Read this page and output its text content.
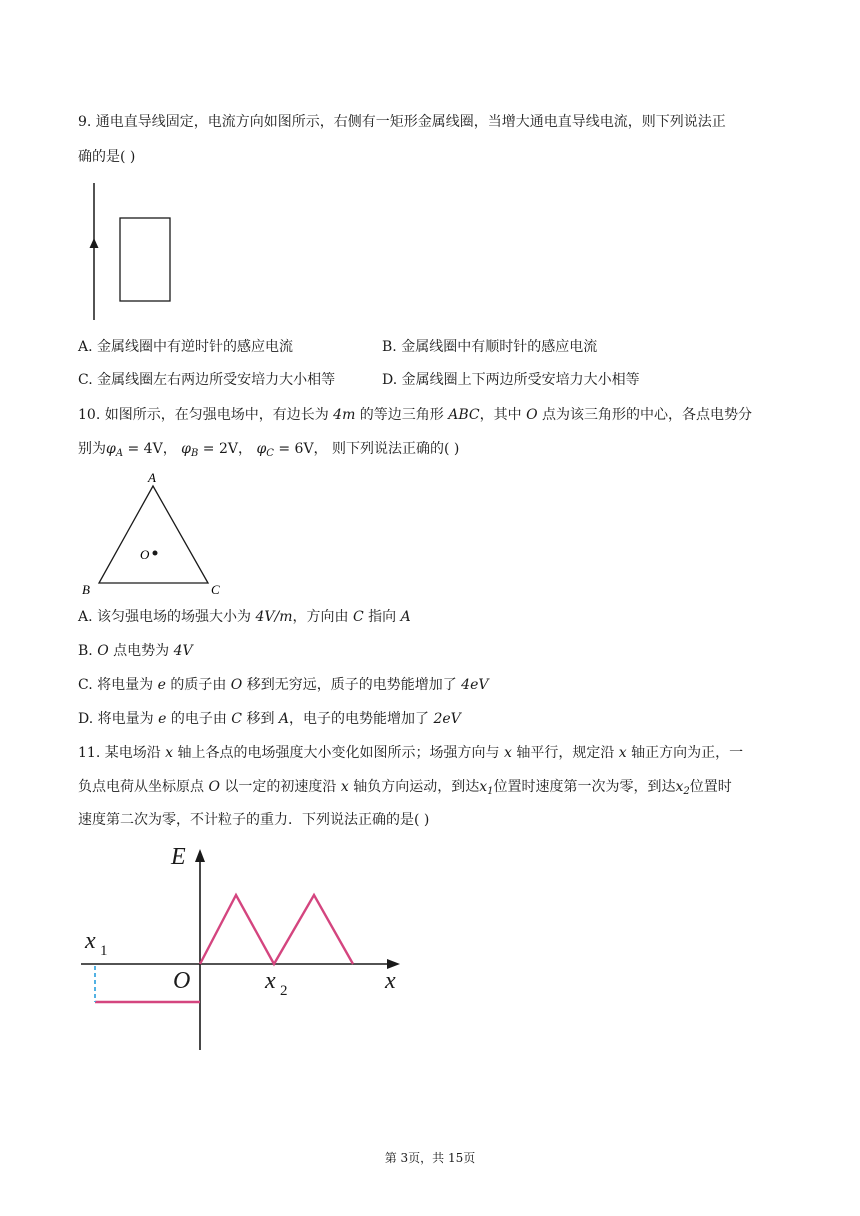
9. 通电直导线固定，电流方向如图所示，右侧有一矩形金属线圈，当增大通电直导线电流，则下列说法正
确的是( )
A. 金属线圈中有逆时针的感应电流	B. 金属线圈中有顺时针的感应电流
C. 金属线圈左右两边所受安培力大小相等	D. 金属线圈上下两边所受安培力大小相等
10. 如图所示，在匀强电场中，有边长为 4m 的等边三角形 ABC，其中 O 点为该三角形的中心，各点电势分
别为$\varphi_A = 4V$， $\varphi_B = 2V$， $\varphi_C = 6V$， 则下列说法正确的( )
A
B	C
O
A. 该匀强电场的场强大小为 4V/m，方向由 C 指向 A
B. O 点电势为 4V
C. 将电量为 e 的质子由 O 移到无穷远，质子的电势能增加了 4eV
D. 将电量为 e 的电子由 C 移到 A，电子的电势能增加了 2eV
11. 某电场沿 x 轴上各点的电场强度大小变化如图所示；场强方向与 x 轴平行，规定沿 x 轴正方向为正，一
负点电荷从坐标原点 O 以一定的初速度沿 x 轴负方向运动，到达$x_1$位置时速度第一次为零，到达$x_2$位置时
速度第二次为零，不计粒子的重力．下列说法正确的是( )
E
x 1
O	x 2	x
第 3页，共 15页
